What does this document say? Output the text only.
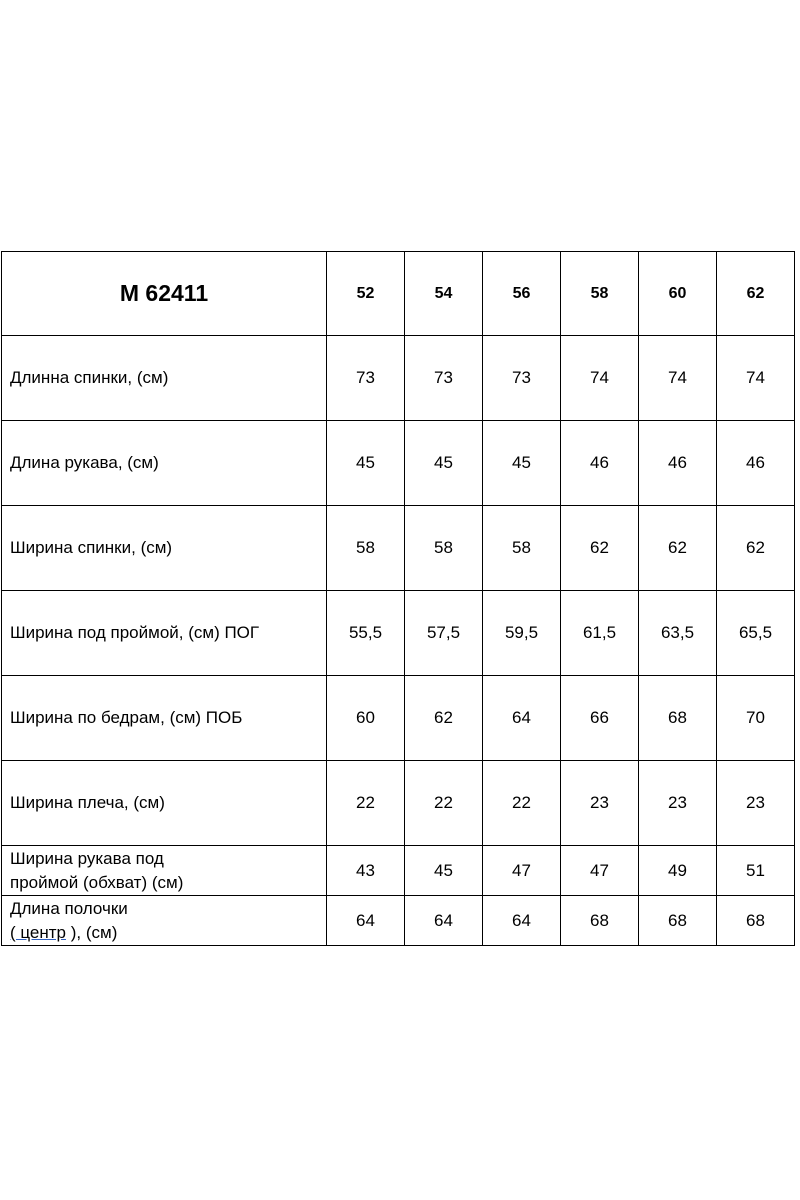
М 62411	52	54	56	58	60	62
Длинна спинки, (см)	73	73	73	74	74	74
Длина рукава, (см)	45	45	45	46	46	46
Ширина спинки, (см)	58	58	58	62	62	62
Ширина под проймой, (см) ПОГ	55,5	57,5	59,5	61,5	63,5	65,5
Ширина по бедрам, (см) ПОБ	60	62	64	66	68	70
Ширина плеча, (см)	22	22	22	23	23	23

Ширина рукава под
проймой (обхват) (см)	43	45	47	47	49	51

Длина полочки
( центр ), (см)	64	64	64	68	68	68
